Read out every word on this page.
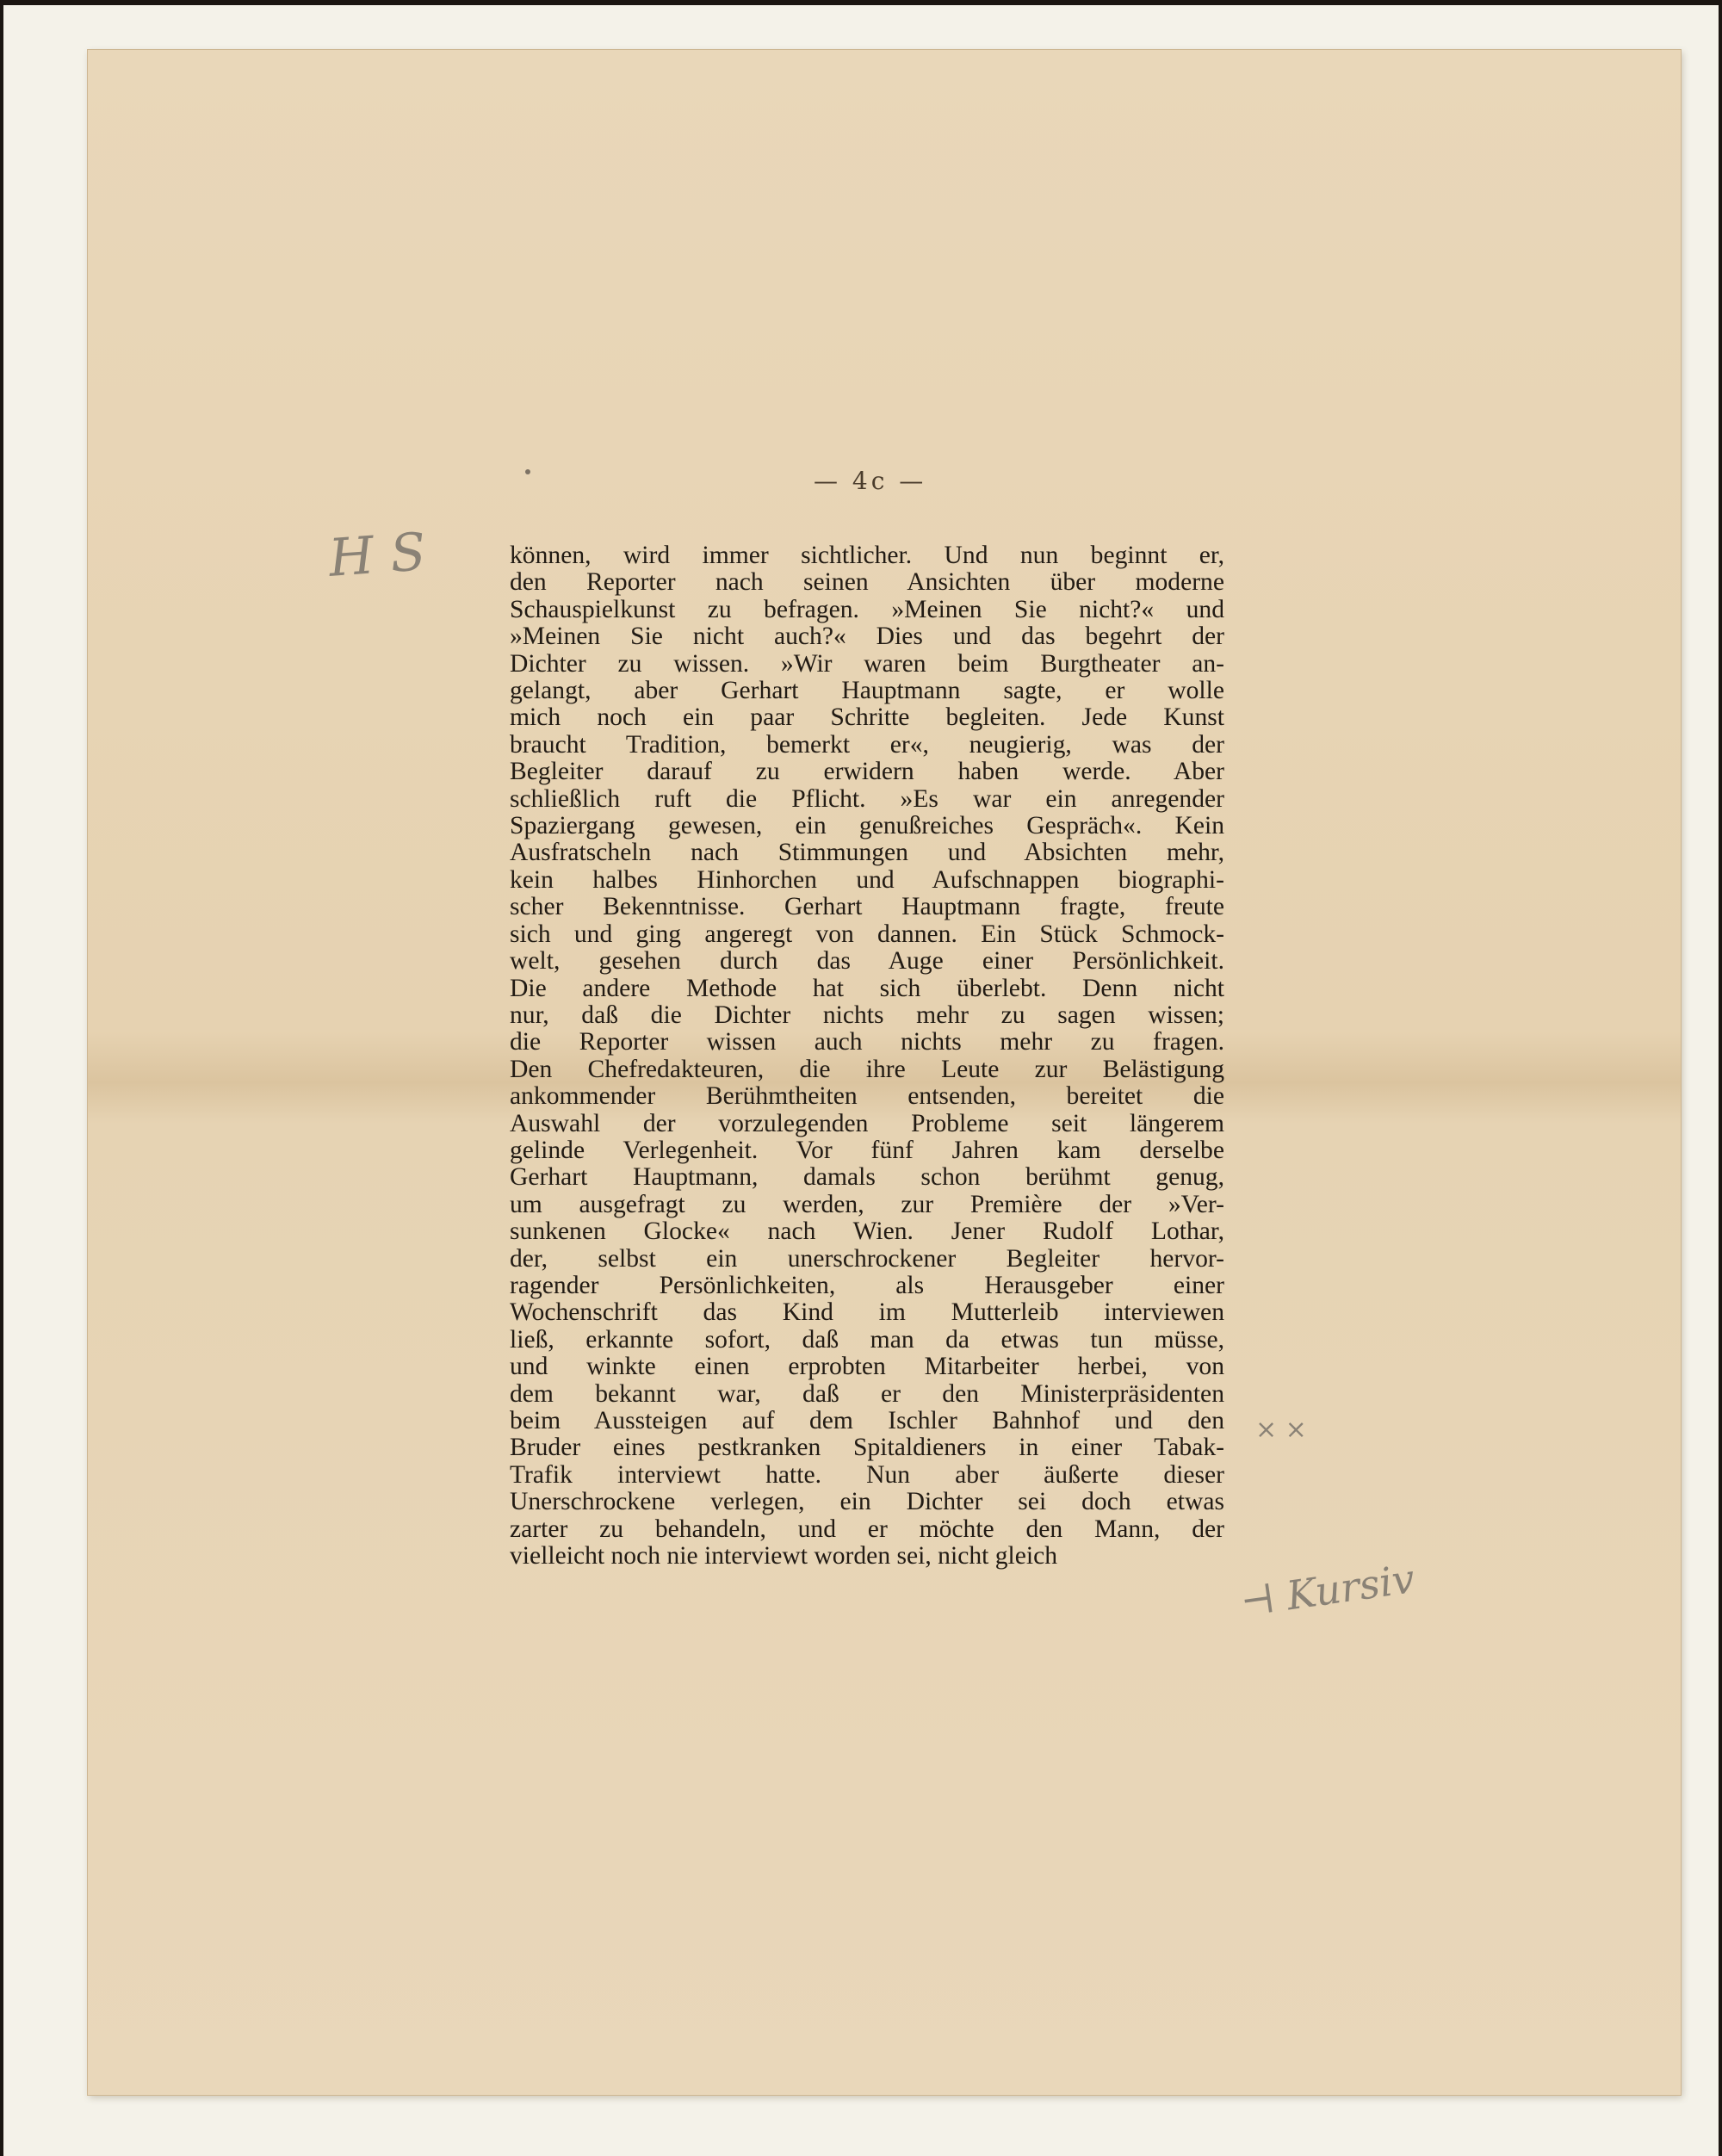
— 4c —
H S
× ×
⊣ Kursiv
können, wird immer sichtlicher. Und nun beginnt er,
den Reporter nach seinen Ansichten über moderne
Schauspielkunst zu befragen. »Meinen Sie nicht?« und
»Meinen Sie nicht auch?« Dies und das begehrt der
Dichter zu wissen. »Wir waren beim Burgtheater an-
gelangt, aber Gerhart Hauptmann sagte, er wolle
mich noch ein paar Schritte begleiten. Jede Kunst
braucht Tradition, bemerkt er«, neugierig, was der
Begleiter darauf zu erwidern haben werde. Aber
schließlich ruft die Pflicht. »Es war ein anregender
Spaziergang gewesen, ein genußreiches Gespräch«. Kein
Ausfratscheln nach Stimmungen und Absichten mehr,
kein halbes Hinhorchen und Aufschnappen biographi-
scher Bekenntnisse. Gerhart Hauptmann fragte, freute
sich und ging angeregt von dannen. Ein Stück Schmock-
welt, gesehen durch das Auge einer Persönlichkeit.
Die andere Methode hat sich überlebt. Denn nicht
nur, daß die Dichter nichts mehr zu sagen wissen;
die Reporter wissen auch nichts mehr zu fragen.
Den Chefredakteuren, die ihre Leute zur Belästigung
ankommender Berühmtheiten entsenden, bereitet die
Auswahl der vorzulegenden Probleme seit längerem
gelinde Verlegenheit. Vor fünf Jahren kam derselbe
Gerhart Hauptmann, damals schon berühmt genug,
um ausgefragt zu werden, zur Première der »Ver-
sunkenen Glocke« nach Wien. Jener Rudolf Lothar,
der, selbst ein unerschrockener Begleiter hervor-
ragender Persönlichkeiten, als Herausgeber einer
Wochenschrift das Kind im Mutterleib interviewen
ließ, erkannte sofort, daß man da etwas tun müsse,
und winkte einen erprobten Mitarbeiter herbei, von
dem bekannt war, daß er den Ministerpräsidenten
beim Aussteigen auf dem Ischler Bahnhof und den
Bruder eines pestkranken Spitaldieners in einer Tabak-
Trafik interviewt hatte. Nun aber äußerte dieser
Unerschrockene verlegen, ein Dichter sei doch etwas
zarter zu behandeln, und er möchte den Mann, der
vielleicht noch nie interviewt worden sei, nicht gleich
